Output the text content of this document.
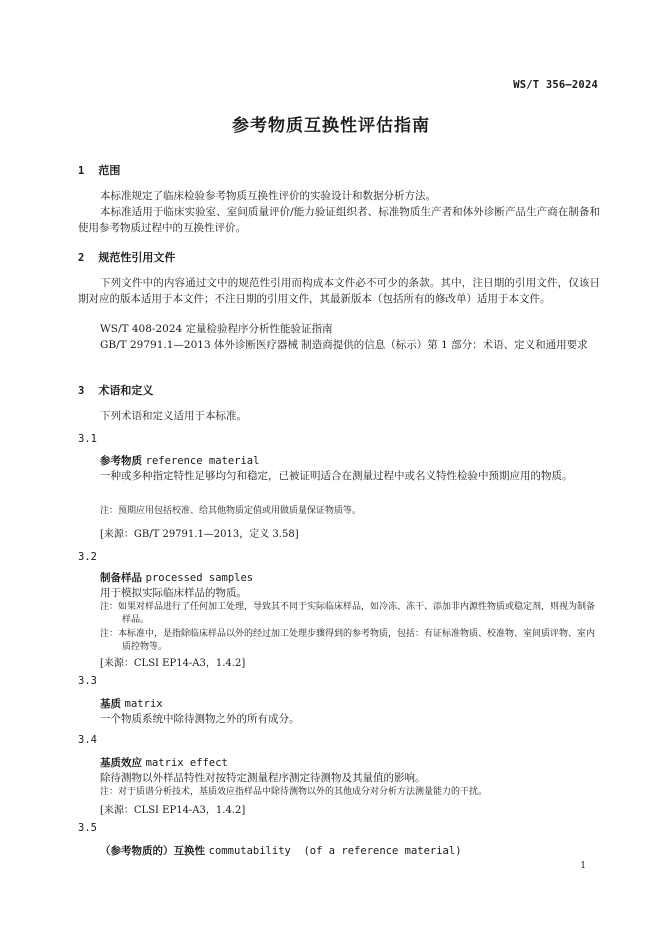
WS/T 356—2024
参考物质互换性评估指南
1 范围
本标准规定了临床检验参考物质互换性评价的实验设计和数据分析方法。
本标准适用于临床实验室、室间质量评价/能力验证组织者、标准物质生产者和体外诊断产品生产商在制备和使用参考物质过程中的互换性评价。
2 规范性引用文件
下列文件中的内容通过文中的规范性引用而构成本文件必不可少的条款。其中，注日期的引用文件，仅该日期对应的版本适用于本文件；不注日期的引用文件，其最新版本（包括所有的修改单）适用于本文件。
WS/T 408-2024 定量检验程序分析性能验证指南
GB/T 29791.1—2013 体外诊断医疗器械 制造商提供的信息（标示）第 1 部分：术语、定义和通用要求
3 术语和定义
下列术语和定义适用于本标准。
3.1
参考物质 reference material
一种或多种指定特性足够均匀和稳定，已被证明适合在测量过程中或名义特性检验中预期应用的物质。
注：预期应用包括校准、给其他物质定值或用做质量保证物质等。
[来源：GB/T 29791.1—2013，定义 3.58]
3.2
制备样品 processed samples
用于模拟实际临床样品的物质。
注：如果对样品进行了任何加工处理，导致其不同于实际临床样品，如冷冻、冻干、添加非内源性物质或稳定剂，则视为制备样品。
注：本标准中，是指除临床样品以外的经过加工处理步骤得到的参考物质，包括：有证标准物质、校准物、室间质评物、室内质控物等。
[来源：CLSI EP14-A3，1.4.2]
3.3
基质 matrix
一个物质系统中除待测物之外的所有成分。
3.4
基质效应 matrix effect
除待测物以外样品特性对按特定测量程序测定待测物及其量值的影响。
注：对于质谱分析技术，基质效应指样品中除待测物以外的其他成分对分析方法测量能力的干扰。
[来源：CLSI EP14-A3，1.4.2]
3.5
（参考物质的）互换性 commutability  (of a reference material)
1
